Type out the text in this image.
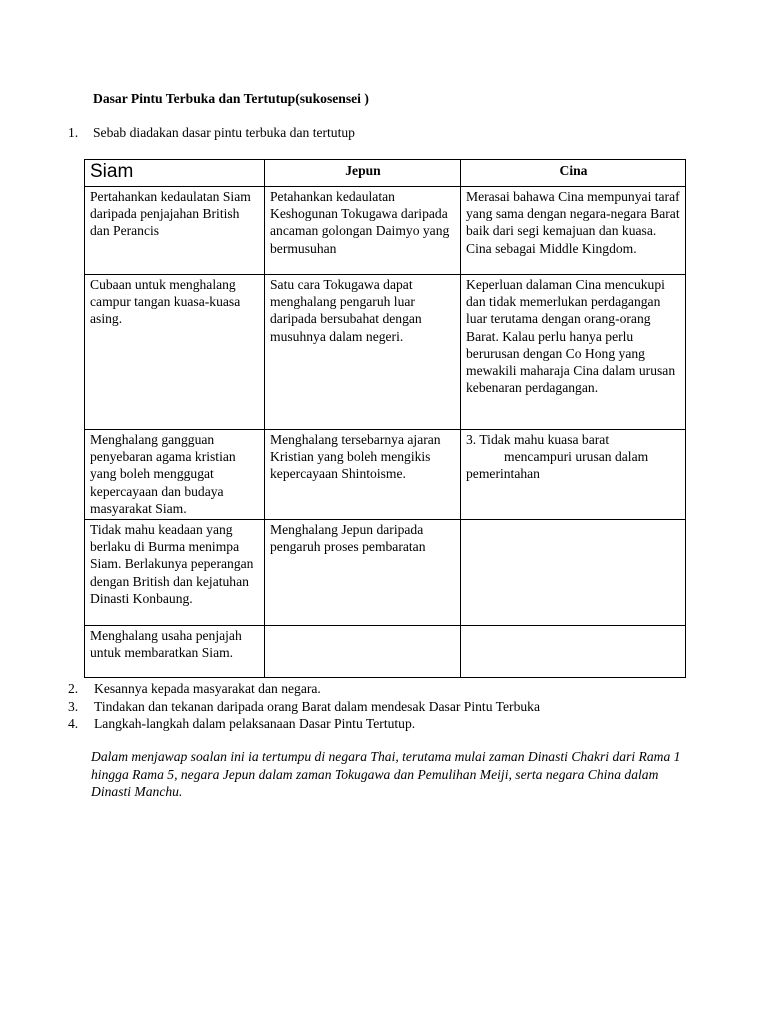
Dasar Pintu Terbuka dan Tertutup(sukosensei )
1. Sebab diadakan dasar pintu terbuka dan tertutup
Siam	Jepun	Cina
Pertahankan kedaulatan Siam daripada penjajahan British dan Perancis	Petahankan kedaulatan Keshogunan Tokugawa daripada ancaman golongan Daimyo yang bermusuhan	Merasai bahawa Cina mempunyai taraf yang sama dengan negara-negara Barat baik dari segi kemajuan dan kuasa. Cina sebagai Middle Kingdom.
Cubaan untuk menghalang campur tangan kuasa-kuasa asing.	Satu cara Tokugawa dapat menghalang pengaruh luar daripada bersubahat dengan musuhnya dalam negeri.	Keperluan dalaman Cina mencukupi dan tidak memerlukan perdagangan luar terutama dengan orang-orang Barat. Kalau perlu hanya perlu berurusan dengan Co Hong yang mewakili maharaja Cina dalam urusan kebenaran perdagangan.
Menghalang gangguan penyebaran agama kristian yang boleh menggugat kepercayaan dan budaya masyarakat Siam.	Menghalang tersebarnya ajaran Kristian yang boleh mengikis kepercayaan Shintoisme.	3. Tidak mahu kuasa barat
mencampuri urusan dalam
pemerintahan

Tidak mahu keadaan yang berlaku di Burma menimpa Siam. Berlakunya peperangan dengan British dan kejatuhan Dinasti Konbaung.	Menghalang Jepun daripada pengaruh proses pembaratan	
Menghalang usaha penjajah untuk membaratkan Siam.		
2. Kesannya kepada masyarakat dan negara.
3. Tindakan dan tekanan daripada orang Barat dalam mendesak Dasar Pintu Terbuka
4. Langkah-langkah dalam pelaksanaan Dasar Pintu Tertutup.
Dalam menjawap soalan ini ia tertumpu di negara Thai, terutama mulai zaman Dinasti Chakri dari Rama 1 hingga Rama 5, negara Jepun dalam zaman Tokugawa dan Pemulihan Meiji, serta negara China dalam Dinasti Manchu.
